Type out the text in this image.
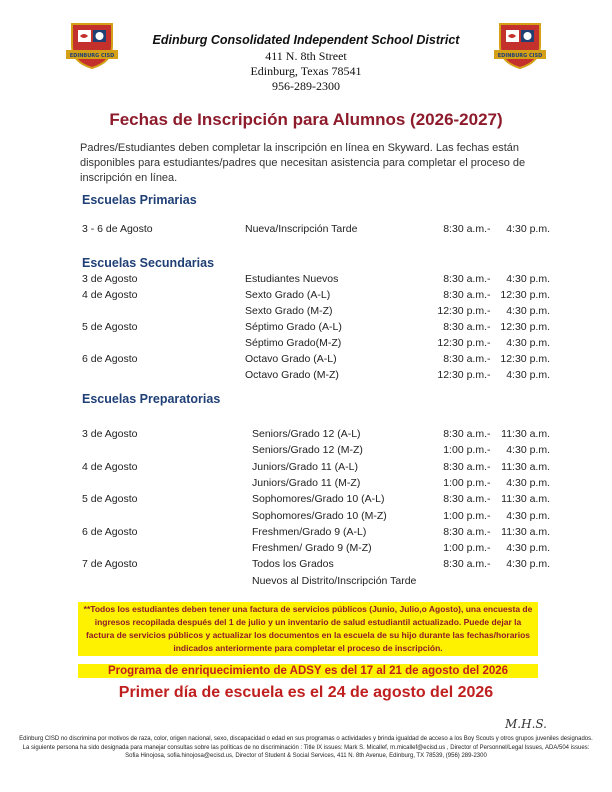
EDINBURG CISD	EDINBURG CISD
Edinburg Consolidated Independent School District
411 N. 8th Street
Edinburg, Texas 78541
956-289-2300
Fechas de Inscripción para Alumnos (2026-2027)
Padres/Estudiantes deben completar la inscripción en línea en Skyward. Las fechas están disponibles para estudiantes/padres que necesitan asistencia para completar el proceso de inscripción en línea.
Escuelas Primarias
3 - 6 de Agosto	Nueva/Inscripción Tarde	8:30 a.m. 4:30 p.m.
-
Escuelas Secundarias
3 de Agosto	Estudiantes Nuevos	8:30 a.m. 4:30 p.m.
-
4 de Agosto	Sexto Grado (A-L)	8:30 a.m. 12:30 p.m.
-
Sexto Grado (M-Z)	12:30 p.m. 4:30 p.m.
-
5 de Agosto	Séptimo Grado (A-L)	8:30 a.m. 12:30 p.m.
-
Séptimo Grado(M-Z)	12:30 p.m. 4:30 p.m.
-
6 de Agosto	Octavo Grado (A-L)	8:30 a.m. 12:30 p.m.
-
Octavo Grado (M-Z)	12:30 p.m. 4:30 p.m.
-
Escuelas Preparatorias
3 de Agosto	Seniors/Grado 12 (A-L)	8:30 a.m. 11:30 a.m.
-
Seniors/Grado 12 (M-Z)	1:00 p.m. 4:30 p.m.
-
4 de Agosto	Juniors/Grado 11 (A-L)	8:30 a.m. 11:30 a.m.
-
Juniors/Grado 11 (M-Z)	1:00 p.m. 4:30 p.m.
-
5 de Agosto	Sophomores/Grado 10 (A-L)	8:30 a.m. 11:30 a.m.
-
Sophomores/Grado 10 (M-Z)	1:00 p.m. 4:30 p.m.
-
6 de Agosto	Freshmen/Grado 9 (A-L)	8:30 a.m. 11:30 a.m.
-
Freshmen/ Grado 9 (M-Z)	1:00 p.m. 4:30 p.m.
-
7 de Agosto	Todos los Grados	8:30 a.m. 4:30 p.m.
-
Nuevos al Distrito/Inscripción Tarde
**Todos los estudiantes deben tener una factura de servicios públicos (Junio, Julio,o Agosto), una encuesta de ingresos recopilada después del 1 de julio y un inventario de salud estudiantil actualizado. Puede dejar la factura de servicios públicos y actualizar los documentos en la escuela de su hijo durante las fechas/horarios indicados anteriormente para completar el proceso de inscripción.
Programa de enriquecimiento de ADSY es del 17 al 21 de agosto del 2026
Primer día de escuela es el 24 de agosto del 2026
M.H.S.
Edinburg CISD no discrimina por motivos de raza, color, origen nacional, sexo, discapacidad o edad en sus programas o actividades y brinda igualdad de acceso a los Boy Scouts y otros grupos juveniles designados. La siguiente persona ha sido designada para manejar consultas sobre las políticas de no discriminación : Title IX issues: Mark S. Micallef, m.micallef@ecisd.us , Director of Personnel/Legal Issues, ADA/504 issues: Sofia Hinojosa, sofia.hinojosa@ecisd.us, Director of Student & Social Services, 411 N. 8th Avenue, Edinburg, TX 78539, (956) 289-2300
